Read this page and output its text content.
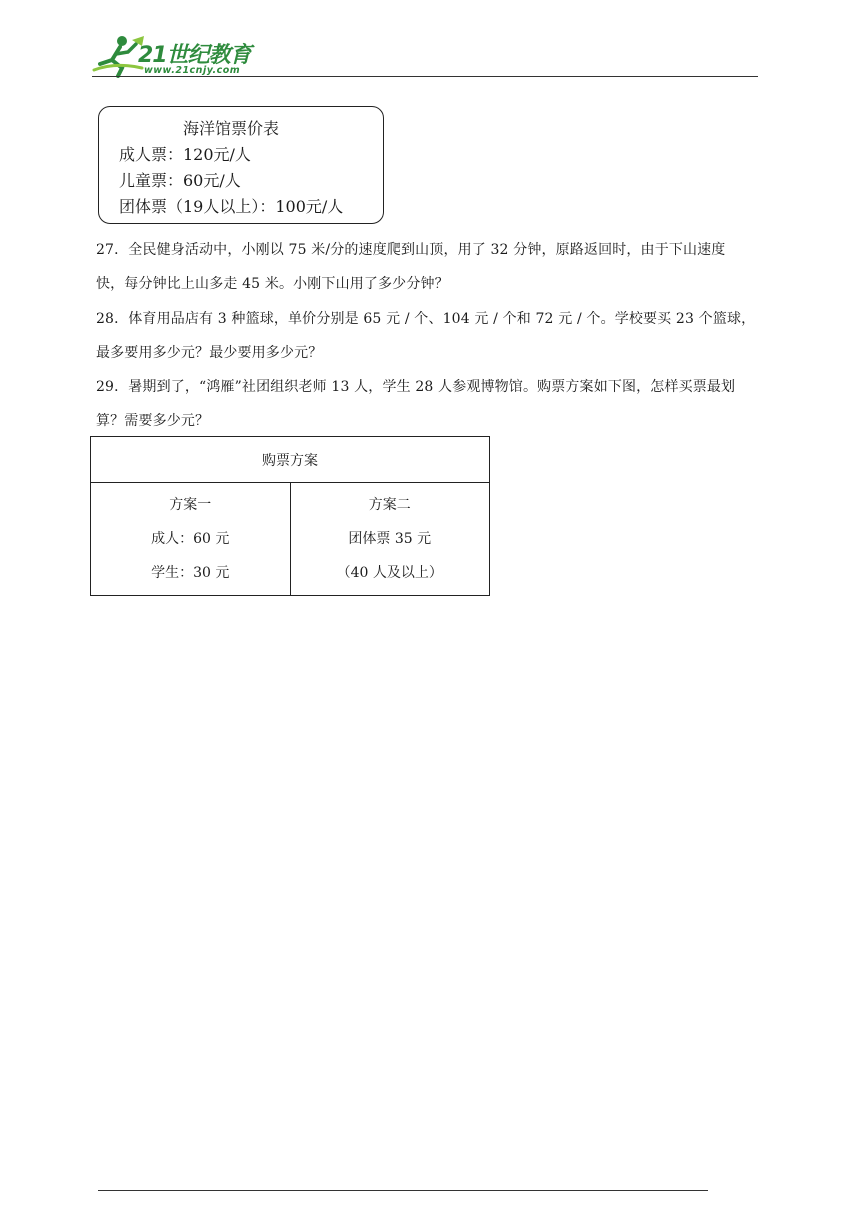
21世纪教育
www.21cnjy.com
海洋馆票价表
成人票：120元/人
儿童票：60元/人
团体票（19人以上）：100元/人
27．全民健身活动中，小刚以 75 米/分的速度爬到山顶，用了 32 分钟，原路返回时，由于下山速度
快，每分钟比上山多走 45 米。小刚下山用了多少分钟？
28．体育用品店有 3 种篮球，单价分别是 65 元 / 个、104 元 / 个和 72 元 / 个。学校要买 23 个篮球，
最多要用多少元？最少要用多少元？
29．暑期到了，“鸿雁”社团组织老师 13 人，学生 28 人参观博物馆。购票方案如下图，怎样买票最划
算？需要多少元？
购票方案

方案一
成人：60 元
学生：30 元

方案二
团体票 35 元
（40 人及以上）
